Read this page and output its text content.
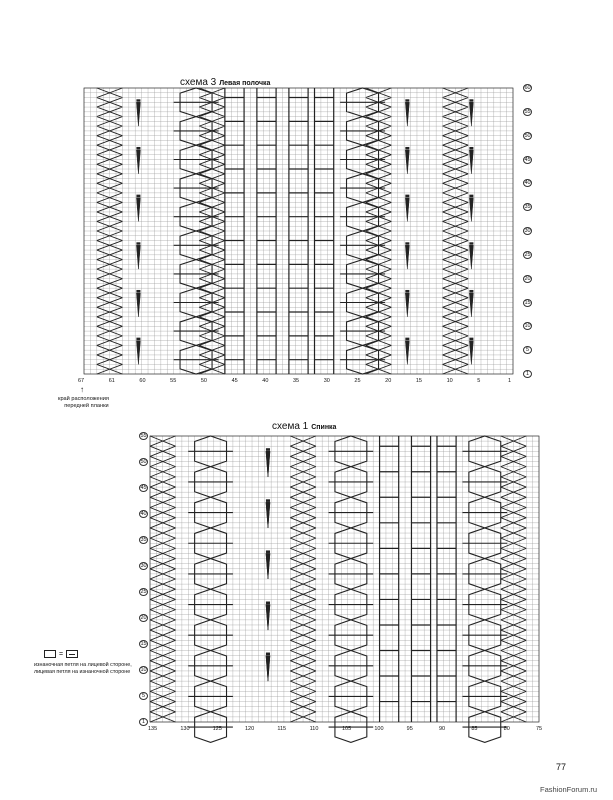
схема 3 Левая полочка
67	61	60	55	50	45	40	35	30	25	20	15	10	5	1
1
5
10
15
20
25
30
35
40
45
50
55
60
↑
край расположения
передней планки
схема 1 Спинка
135	130	125	120	115	110	105	100	95	90	85	80	75
1
5
10
15
20
25
30
35
40
45
50
55
=
изнаночная петля на лицевой стороне,
лицевая петля на изнаночной стороне
77
FashionForum.ru
